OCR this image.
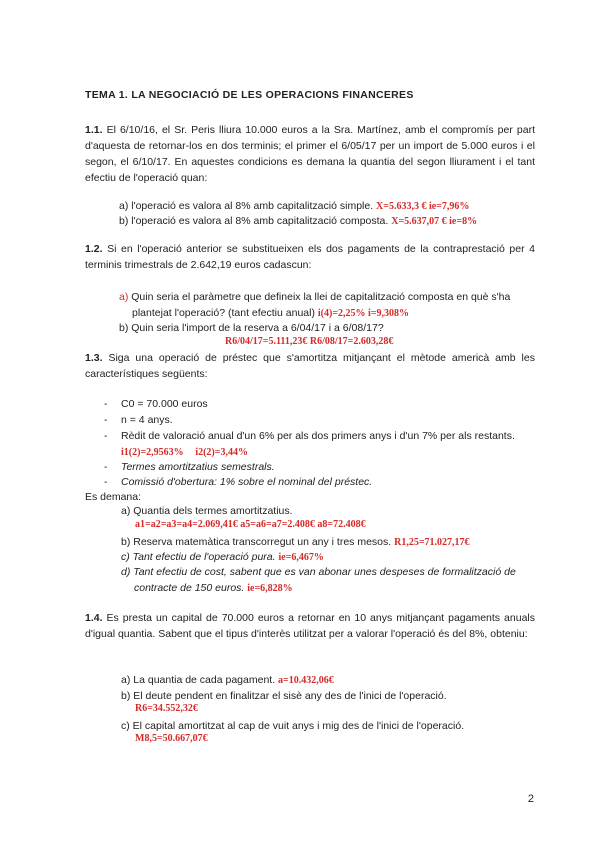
TEMA 1. LA NEGOCIACIÓ DE LES OPERACIONS FINANCERES
1.1. El 6/10/16, el Sr. Peris lliura 10.000 euros a la Sra. Martínez, amb el compromís per part d'aquesta de retornar-los en dos terminis; el primer el 6/05/17 per un import de 5.000 euros i el segon, el 6/10/17. En aquestes condicions es demana la quantia del segon lliurament i el tant efectiu de l'operació quan:
a) l'operació es valora al 8% amb capitalització simple. X=5.633,3 € ie=7,96%
b) l'operació es valora al 8% amb capitalització composta. X=5.637,07 € ie=8%
1.2. Si en l'operació anterior se substitueixen els dos pagaments de la contraprestació per 4 terminis trimestrals de 2.642,19 euros cadascun:
a) Quin seria el paràmetre que defineix la llei de capitalització composta en què s'ha plantejat l'operació? (tant efectiu anual) i(4)=2,25% i=9,308%
b) Quin seria l'import de la reserva a 6/04/17 i a 6/08/17?
R6/04/17=5.111,23€ R6/08/17=2.603,28€
1.3. Siga una operació de préstec que s'amortitza mitjançant el mètode americà amb les característiques següents:
- C0 = 70.000 euros
- n = 4 anys.
- Rèdit de valoració anual d'un 6% per als dos primers anys i d'un 7% per als restants. i1(2)=2,9563% i2(2)=3,44%
- Termes amortitzatius semestrals.
- Comissió d'obertura: 1% sobre el nominal del préstec.
Es demana:
a) Quantia dels termes amortitzatius.
a1=a2=a3=a4=2.069,41€ a5=a6=a7=2.408€ a8=72.408€
b) Reserva matemàtica transcorregut un any i tres mesos. R1,25=71.027,17€
c) Tant efectiu de l'operació pura. ie=6,467%
d) Tant efectiu de cost, sabent que es van abonar unes despeses de formalització de contracte de 150 euros. ie=6,828%
1.4. Es presta un capital de 70.000 euros a retornar en 10 anys mitjançant pagaments anuals d'igual quantia. Sabent que el tipus d'interès utilitzat per a valorar l'operació és del 8%, obteniu:
a) La quantia de cada pagament. a=10.432,06€
b) El deute pendent en finalitzar el sisè any des de l'inici de l'operació.
R6=34.552,32€
c) El capital amortitzat al cap de vuit anys i mig des de l'inici de l'operació.
M8,5=50.667,07€
2
